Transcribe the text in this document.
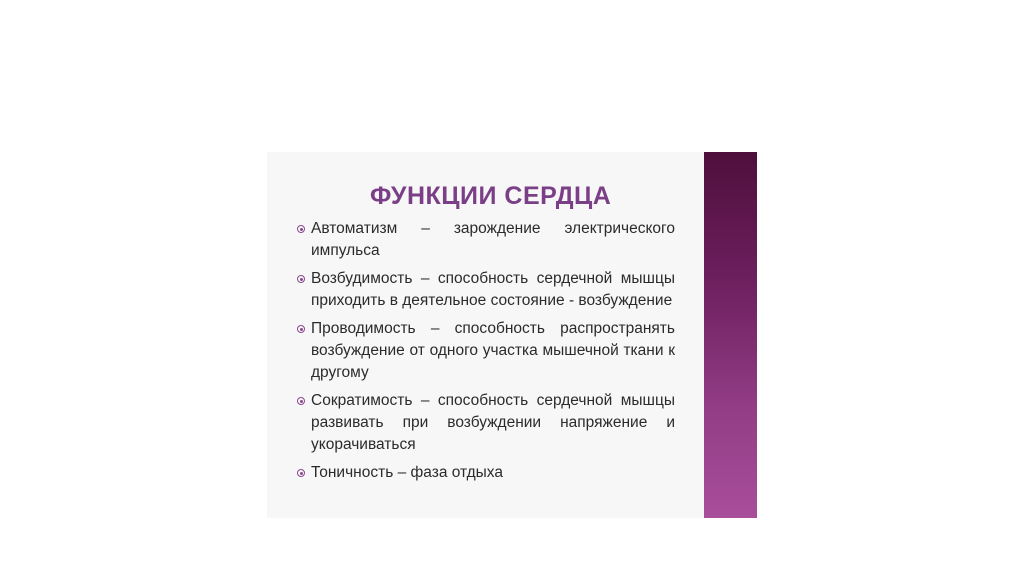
ФУНКЦИИ СЕРДЦА
Автоматизм – зарождение электрического импульса
Возбудимость – способность сердечной мышцы приходить в деятельное состояние - возбуждение
Проводимость – способность распространять возбуждение от одного участка мышечной ткани к другому
Сократимость – способность сердечной мышцы развивать при возбуждении напряжение и укорачиваться
Тоничность – фаза отдыха
